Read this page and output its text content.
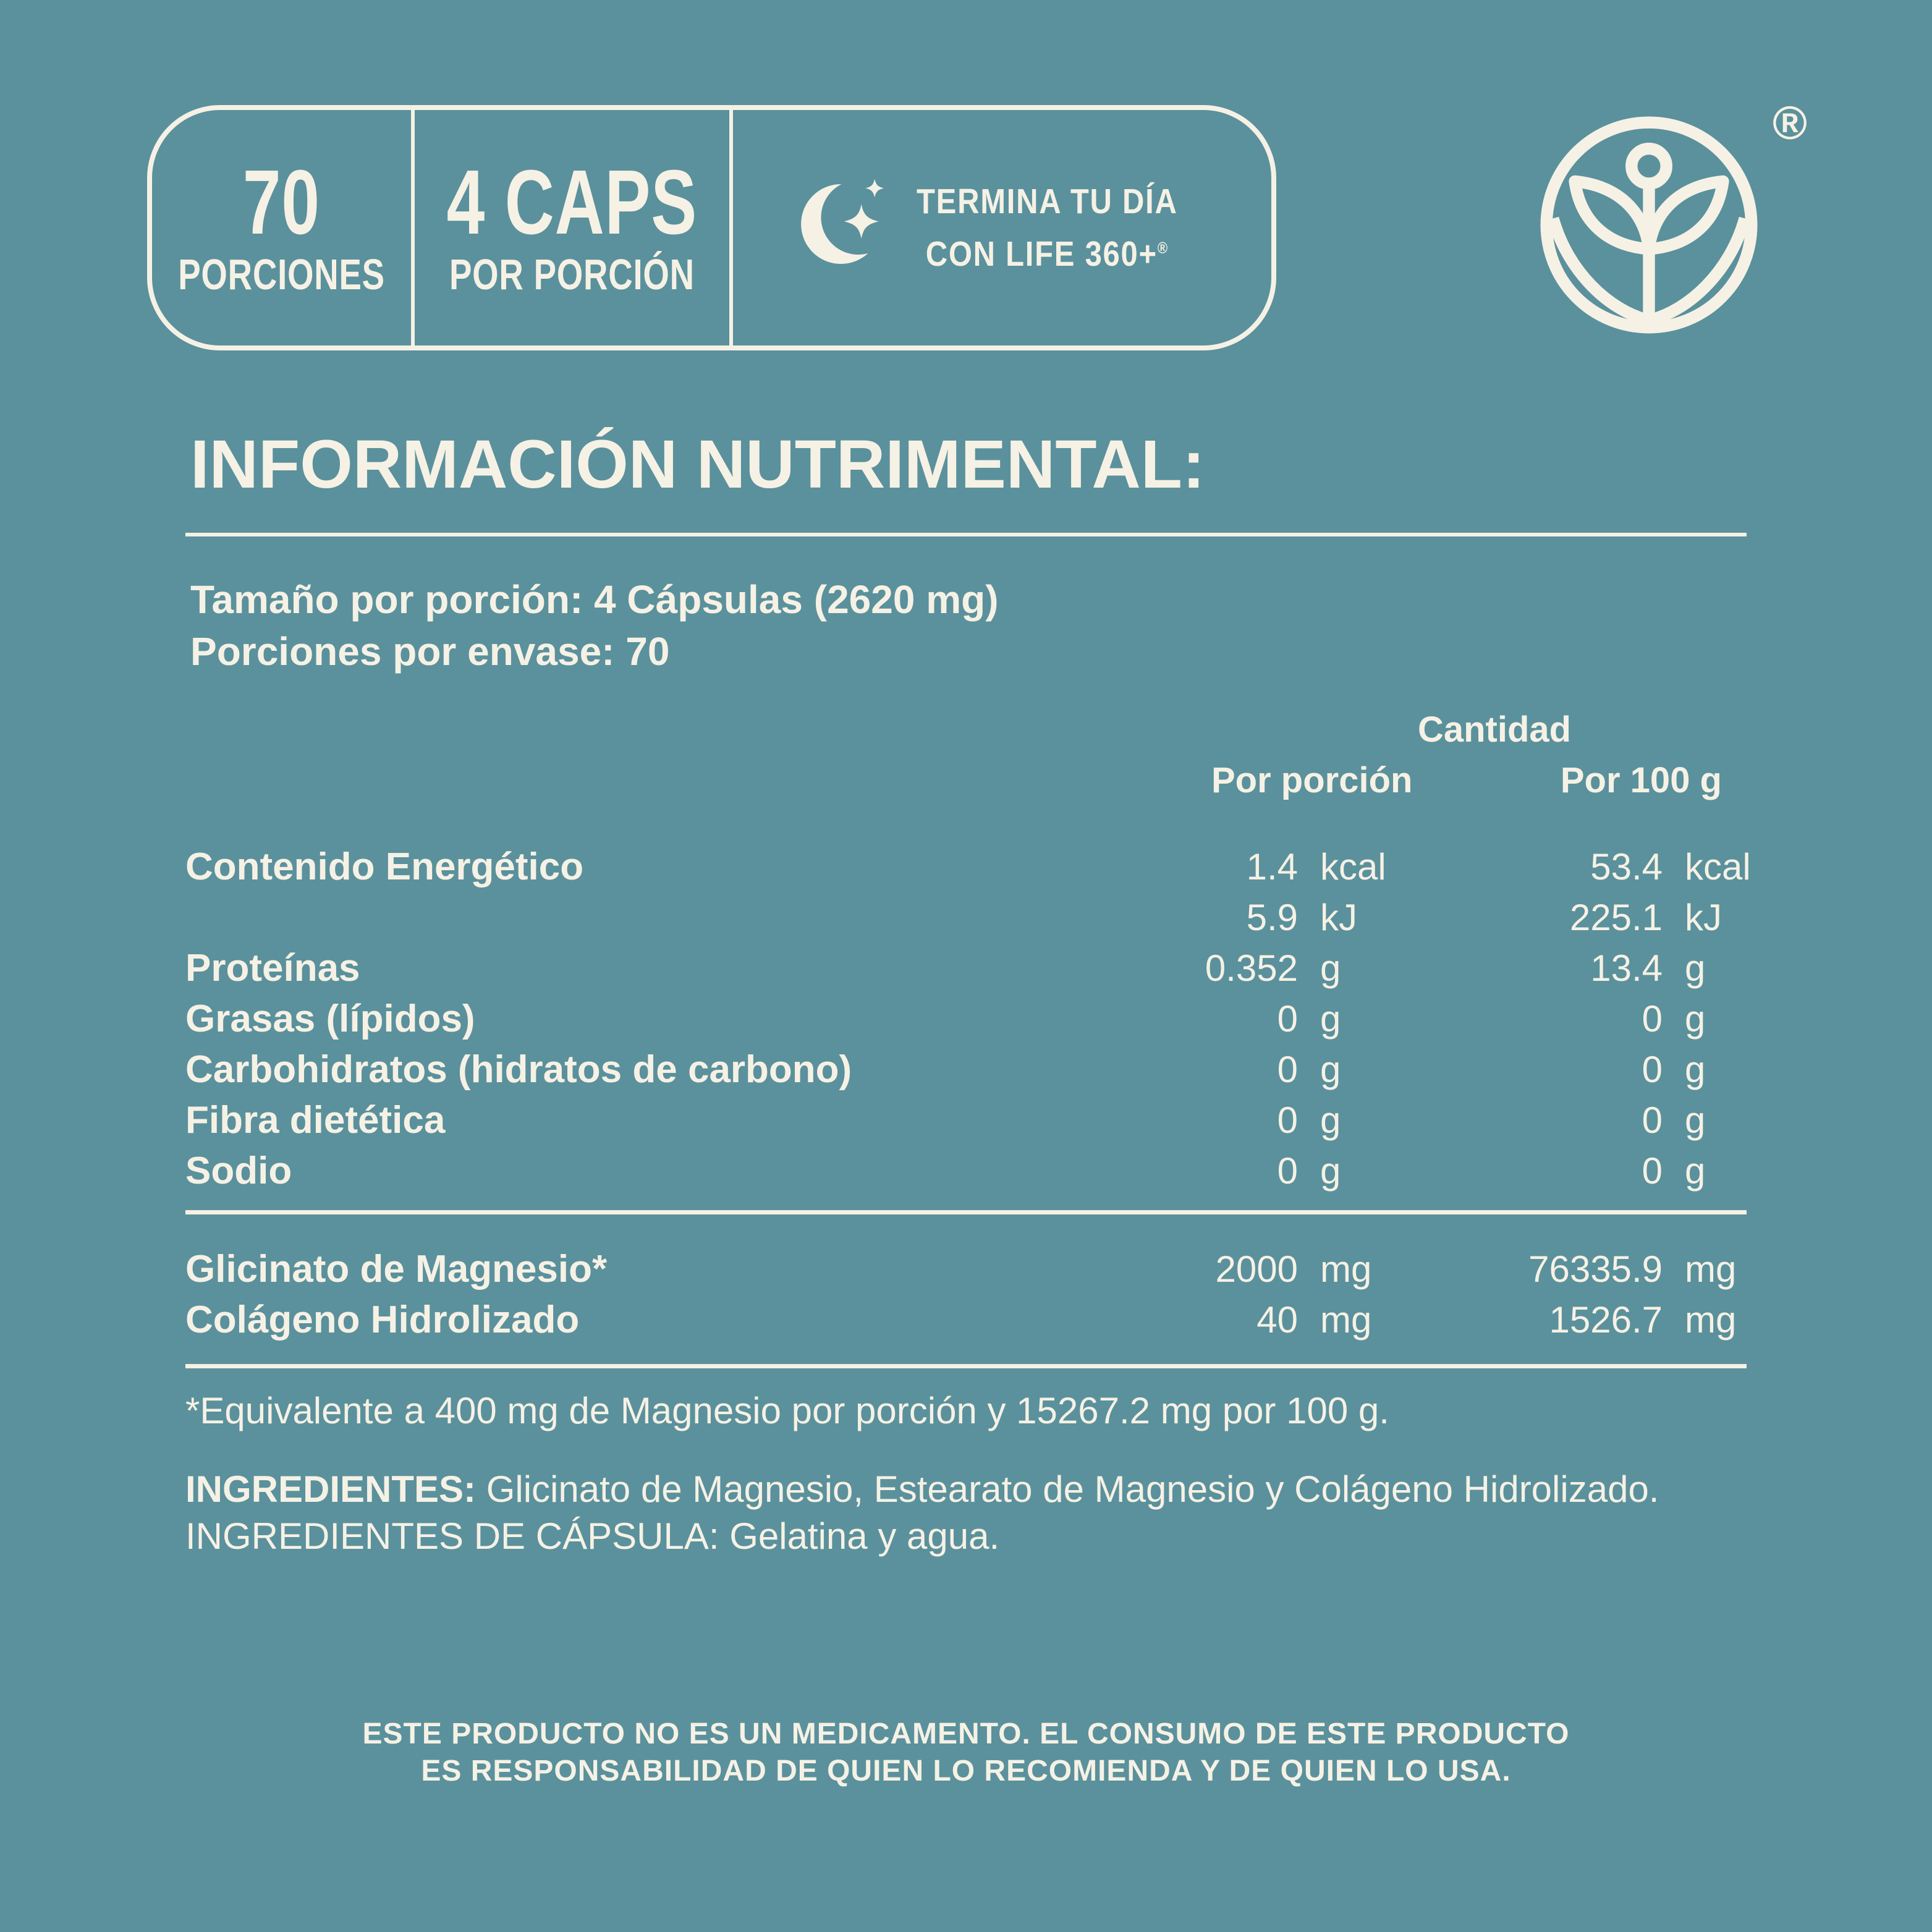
70
PORCIONES
4 CAPS
POR PORCIÓN
TERMINA TU DÍA
CON LIFE 360+®
®
INFORMACIÓN NUTRIMENTAL:
Tamaño por porción: 4 Cápsulas (2620 mg)
Porciones por envase: 70
Cantidad
Por porción	Por 100 g
Contenido Energético	1.4 kcal	53.4 kcal
5.9 kJ	225.1 kJ
Proteínas	0.352 g	13.4 g
Grasas (lípidos)	0 g	0 g
Carbohidratos (hidratos de carbono)	0 g	0 g
Fibra dietética	0 g	0 g
Sodio	0 g	0 g
Glicinato de Magnesio*	2000 mg	76335.9 mg
Colágeno Hidrolizado	40 mg	1526.7 mg
*Equivalente a 400 mg de Magnesio por porción y 15267.2 mg por 100 g.
INGREDIENTES: Glicinato de Magnesio, Estearato de Magnesio y Colágeno Hidrolizado.
INGREDIENTES DE CÁPSULA: Gelatina y agua.
ESTE PRODUCTO NO ES UN MEDICAMENTO. EL CONSUMO DE ESTE PRODUCTO
ES RESPONSABILIDAD DE QUIEN LO RECOMIENDA Y DE QUIEN LO USA.
